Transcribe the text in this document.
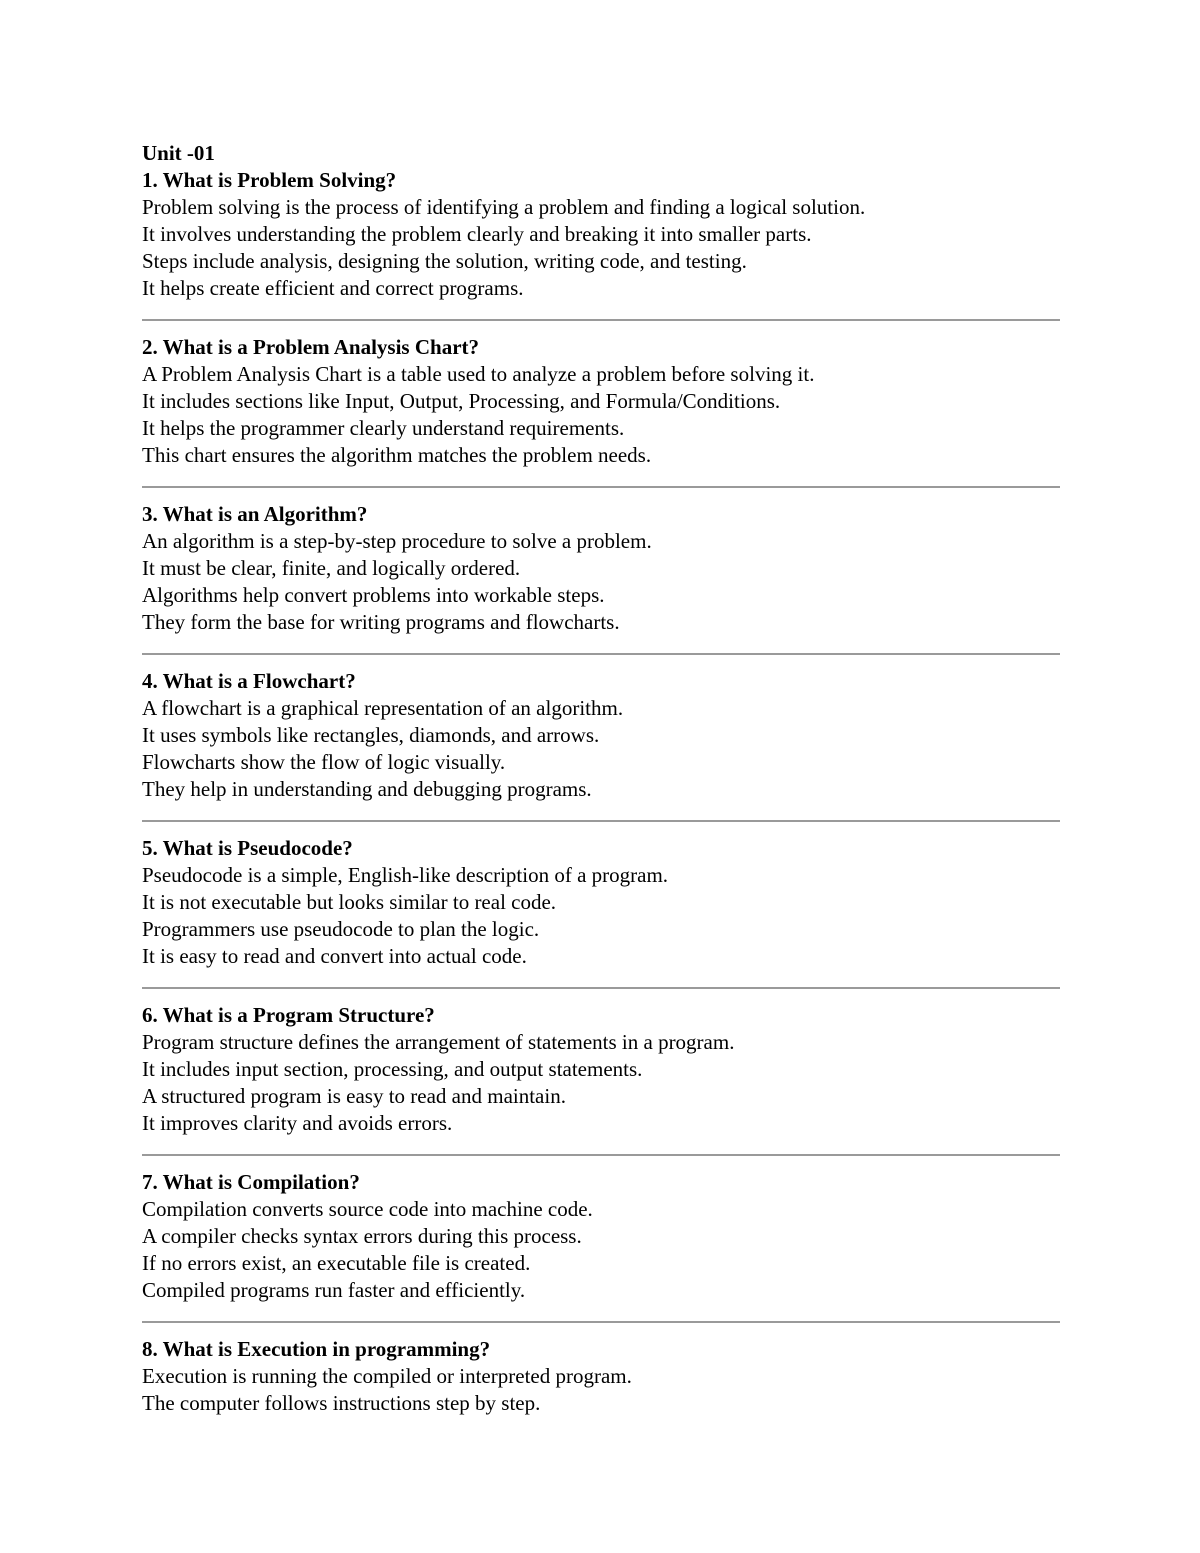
Unit -01

1. What is Problem Solving?

Problem solving is the process of identifying a problem and finding a logical solution.

It involves understanding the problem clearly and breaking it into smaller parts.

Steps include analysis, designing the solution, writing code, and testing.

It helps create efficient and correct programs.

2. What is a Problem Analysis Chart?

A Problem Analysis Chart is a table used to analyze a problem before solving it.

It includes sections like Input, Output, Processing, and Formula/Conditions.

It helps the programmer clearly understand requirements.

This chart ensures the algorithm matches the problem needs.

3. What is an Algorithm?

An algorithm is a step-by-step procedure to solve a problem.

It must be clear, finite, and logically ordered.

Algorithms help convert problems into workable steps.

They form the base for writing programs and flowcharts.

4. What is a Flowchart?

A flowchart is a graphical representation of an algorithm.

It uses symbols like rectangles, diamonds, and arrows.

Flowcharts show the flow of logic visually.

They help in understanding and debugging programs.

5. What is Pseudocode?

Pseudocode is a simple, English-like description of a program.

It is not executable but looks similar to real code.

Programmers use pseudocode to plan the logic.

It is easy to read and convert into actual code.

6. What is a Program Structure?

Program structure defines the arrangement of statements in a program.

It includes input section, processing, and output statements.

A structured program is easy to read and maintain.

It improves clarity and avoids errors.

7. What is Compilation?

Compilation converts source code into machine code.

A compiler checks syntax errors during this process.

If no errors exist, an executable file is created.

Compiled programs run faster and efficiently.

8. What is Execution in programming?

Execution is running the compiled or interpreted program.

The computer follows instructions step by step.
